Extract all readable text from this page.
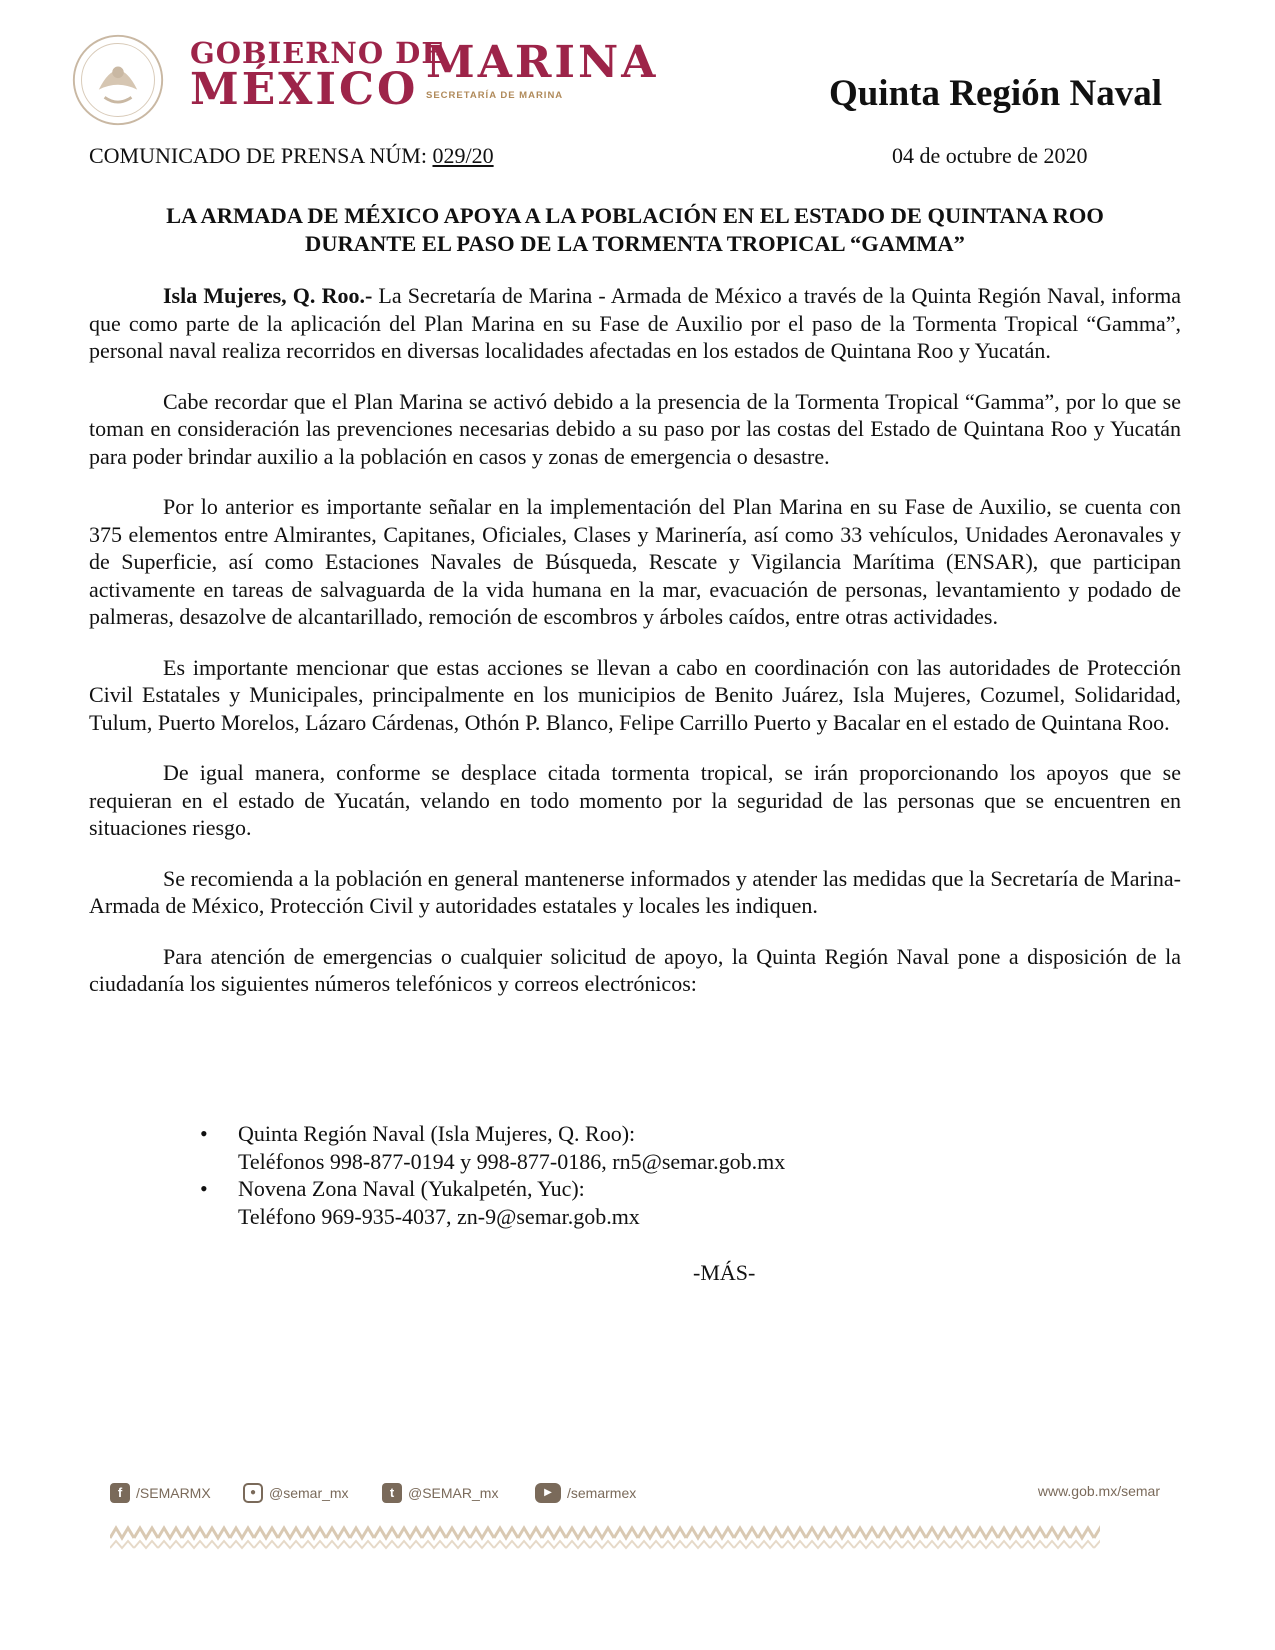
GOBIERNO DE
MÉXICO
MARINA
SECRETARÍA DE MARINA	Quinta Región Naval
COMUNICADO DE PRENSA NÚM: 029/20	04 de octubre de 2020
LA ARMADA DE MÉXICO APOYA A LA POBLACIÓN EN EL ESTADO DE QUINTANA ROO
DURANTE EL PASO DE LA TORMENTA TROPICAL “GAMMA”

Isla Mujeres, Q. Roo.- La Secretaría de Marina - Armada de México a través de la Quinta Región Naval, informa que como parte de la aplicación del Plan Marina en su Fase de Auxilio por el paso de la Tormenta Tropical “Gamma”, personal naval realiza recorridos en diversas localidades afectadas en los estados de Quintana Roo y Yucatán.

Cabe recordar que el Plan Marina se activó debido a la presencia de la Tormenta Tropical “Gamma”, por lo que se toman en consideración las prevenciones necesarias debido a su paso por las costas del Estado de Quintana Roo y Yucatán para poder brindar auxilio a la población en casos y zonas de emergencia o desastre.

Por lo anterior es importante señalar en la implementación del Plan Marina en su Fase de Auxilio, se cuenta con 375 elementos entre Almirantes, Capitanes, Oficiales, Clases y Marinería, así como 33 vehículos, Unidades Aeronavales y de Superficie, así como Estaciones Navales de Búsqueda, Rescate y Vigilancia Marítima (ENSAR), que participan activamente en tareas de salvaguarda de la vida humana en la mar, evacuación de personas, levantamiento y podado de palmeras, desazolve de alcantarillado, remoción de escombros y árboles caídos, entre otras actividades.

Es importante mencionar que estas acciones se llevan a cabo en coordinación con las autoridades de Protección Civil Estatales y Municipales, principalmente en los municipios de Benito Juárez, Isla Mujeres, Cozumel, Solidaridad, Tulum, Puerto Morelos, Lázaro Cárdenas, Othón P. Blanco, Felipe Carrillo Puerto y Bacalar en el estado de Quintana Roo.

De igual manera, conforme se desplace citada tormenta tropical, se irán proporcionando los apoyos que se requieran en el estado de Yucatán, velando en todo momento por la seguridad de las personas que se encuentren en situaciones riesgo.

Se recomienda a la población en general mantenerse informados y atender las medidas que la Secretaría de Marina-Armada de México, Protección Civil y autoridades estatales y locales les indiquen.

Para atención de emergencias o cualquier solicitud de apoyo, la Quinta Región Naval pone a disposición de la ciudadanía los siguientes números telefónicos y correos electrónicos:

• Quinta Región Naval (Isla Mujeres, Q. Roo):
Teléfonos 998-877-0194 y 998-877-0186, rn5@semar.gob.mx
• Novena Zona Naval (Yukalpetén, Yuc):
Teléfono 969-935-4037, zn-9@semar.gob.mx
-MÁS-
f /SEMARMX	● @semar_mx	t @SEMAR_mx	▶	/semarmex	www.gob.mx/semar
